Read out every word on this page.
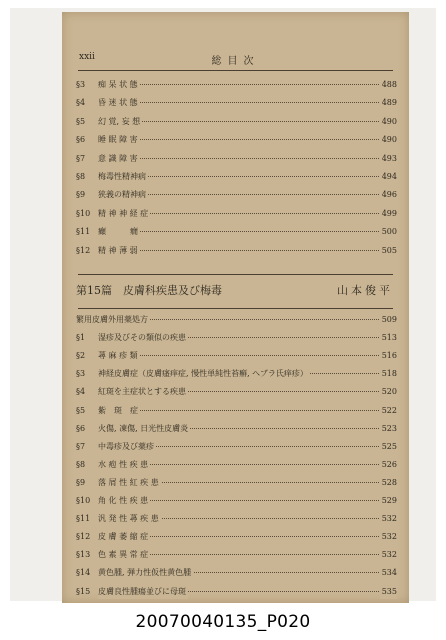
xxii	総目次
§3	痴 呆 状 態	488
§4	昏 迷 状 態	489
§5	幻 覚, 妄 想	490
§6	睡 眠 障 害	490
§7	意 識 障 害	493
§8	梅毒性精神病	494
§9	狭義の精神病	496
§10 精 神 神 経 症	499
§11 癲　　　癇	500
§12 精 神 薄 弱	505
第15篇　皮膚科疾患及び梅毒	山本俊平
繁用皮膚外用薬処方	509
§1	湿疹及びその類似の疾患	513
§2	蕁 麻 疹 類	516
§3	神経皮膚症（皮膚瘙痒症, 慢性単純性苔癬, ヘブラ氏痒疹）	518
§4	紅斑を主症状とする疾患	520
§5	紫　斑　症	522
§6	火傷, 凍傷, 日光性皮膚炎	523
§7	中毒疹及び薬疹	525
§8	水 疱 性 疾 患	526
§9	落 屑 性 紅 疾 患	528
§10 角 化 性 疾 患	529
§11 汎 発 性 蕁 疾 患	532
§12 皮 膚 萎 縮 症	532
§13 色 素 異 常 症	532
§14 黄色腫, 弾力性仮性黄色腫	534
§15 皮膚良性腫瘍並びに母斑	535
20070040135_P020
